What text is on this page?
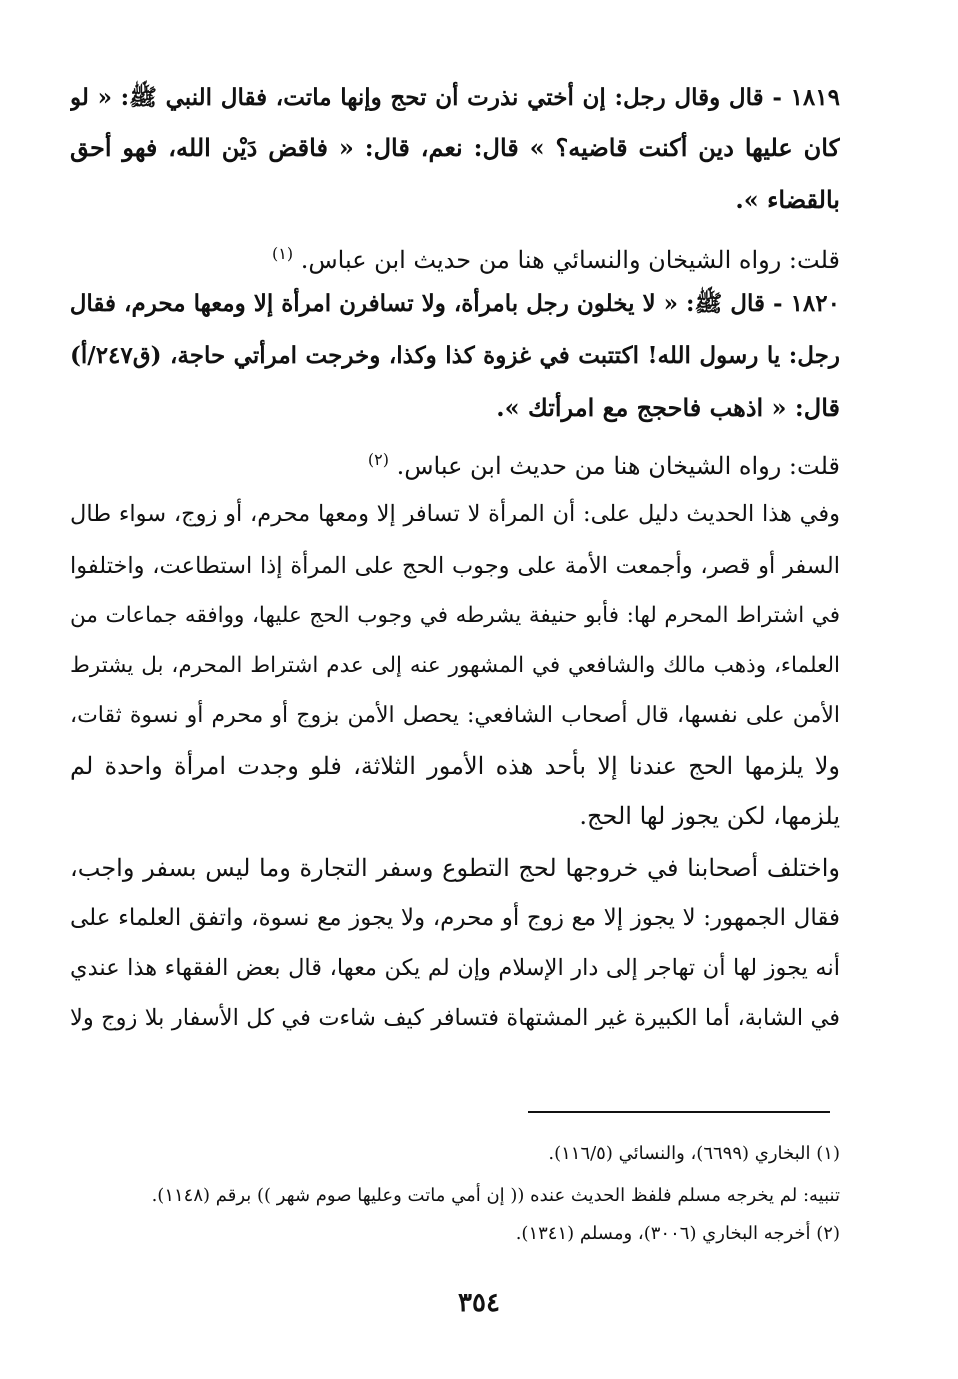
١٨١٩ - قال وقال رجل: إن أختي نذرت أن تحج وإنها ماتت، فقال النبي ﷺ: « لو
كان عليها دين أكنت قاضيه؟ » قال: نعم، قال: « فاقض دَيْن الله، فهو أحق
بالقضاء ».
قلت: رواه الشيخان والنسائي هنا من حديث ابن عباس. $^{(١)}$
١٨٢٠ - قال ﷺ: « لا يخلون رجل بامرأة، ولا تسافرن امرأة إلا ومعها محرم، فقال
رجل: يا رسول الله! اكتتبت في غزوة كذا وكذا، وخرجت امرأتي حاجة، (ق٢٤٧/أ)
قال: « اذهب فاحجج مع امرأتك ».
قلت: رواه الشيخان هنا من حديث ابن عباس. $^{(٢)}$
وفي هذا الحديث دليل على: أن المرأة لا تسافر إلا ومعها محرم، أو زوج، سواء طال
السفر أو قصر، وأجمعت الأمة على وجوب الحج على المرأة إذا استطاعت، واختلفوا
في اشتراط المحرم لها: فأبو حنيفة يشرطه في وجوب الحج عليها، ووافقه جماعات من
العلماء، وذهب مالك والشافعي في المشهور عنه إلى عدم اشتراط المحرم، بل يشترط
الأمن على نفسها، قال أصحاب الشافعي: يحصل الأمن بزوج أو محرم أو نسوة ثقات،
ولا يلزمها الحج عندنا إلا بأحد هذه الأمور الثلاثة، فلو وجدت امرأة واحدة لم
يلزمها، لكن يجوز لها الحج.
واختلف أصحابنا في خروجها لحج التطوع وسفر التجارة وما ليس بسفر واجب،
فقال الجمهور: لا يجوز إلا مع زوج أو محرم، ولا يجوز مع نسوة، واتفق العلماء على
أنه يجوز لها أن تهاجر إلى دار الإسلام وإن لم يكن معها، قال بعض الفقهاء هذا عندي
في الشابة، أما الكبيرة غير المشتهاة فتسافر كيف شاءت في كل الأسفار بلا زوج ولا
(١) البخاري (٦٦٩٩)، والنسائي (١١٦/٥).
تنبيه: لم يخرجه مسلم فلفظ الحديث عنده (( إن أمي ماتت وعليها صوم شهر )) برقم (١١٤٨).
(٢) أخرجه البخاري (٣٠٠٦)، ومسلم (١٣٤١).
٣٥٤
